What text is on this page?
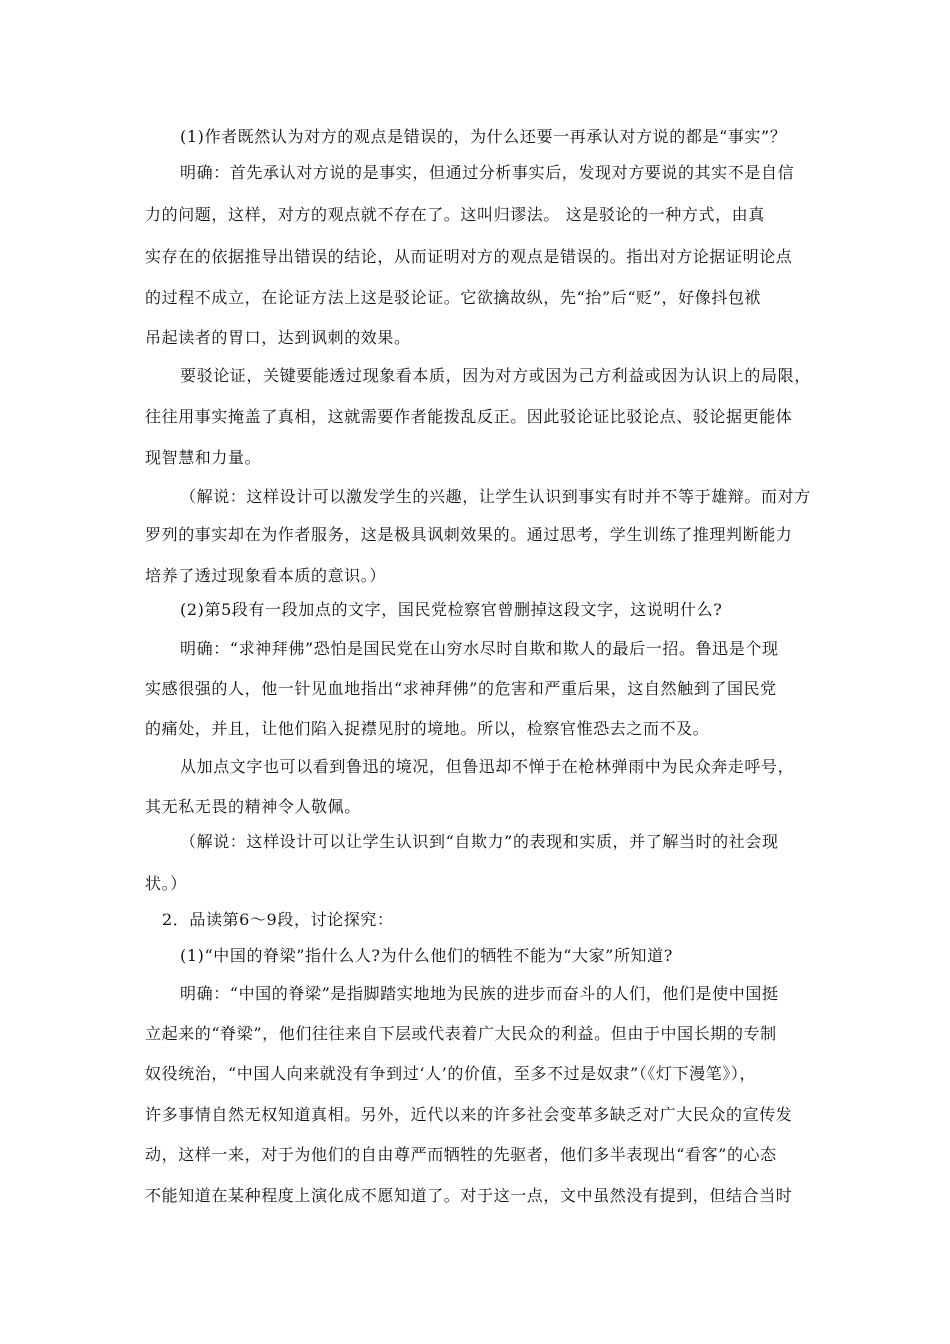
(1)作者既然认为对方的观点是错误的，为什么还要一再承认对方说的都是“事实”？
明确：首先承认对方说的是事实，但通过分析事实后，发现对方要说的其实不是自信
力的问题，这样，对方的观点就不存在了。这叫归谬法。 这是驳论的一种方式，由真
实存在的依据推导出错误的结论，从而证明对方的观点是错误的。指出对方论据证明论点
的过程不成立，在论证方法上这是驳论证。它欲擒故纵，先“抬”后“贬”，好像抖包袱
吊起读者的胃口，达到讽刺的效果。
要驳论证，关键要能透过现象看本质，因为对方或因为己方利益或因为认识上的局限，
往往用事实掩盖了真相，这就需要作者能拨乱反正。因此驳论证比驳论点、驳论据更能体
现智慧和力量。
（解说：这样设计可以激发学生的兴趣，让学生认识到事实有时并不等于雄辩。而对方
罗列的事实却在为作者服务，这是极具讽刺效果的。通过思考，学生训练了推理判断能力
培养了透过现象看本质的意识。）
(2)第5段有一段加点的文字，国民党检察官曾删掉这段文字，这说明什么?
明确：“求神拜佛”恐怕是国民党在山穷水尽时自欺和欺人的最后一招。鲁迅是个现
实感很强的人，他一针见血地指出“求神拜佛”的危害和严重后果，这自然触到了国民党
的痛处，并且，让他们陷入捉襟见肘的境地。所以，检察官惟恐去之而不及。
从加点文字也可以看到鲁迅的境况，但鲁迅却不惮于在枪林弹雨中为民众奔走呼号，
其无私无畏的精神令人敬佩。
（解说：这样设计可以让学生认识到“自欺力”的表现和实质，并了解当时的社会现
状。）
2．品读第6～9段，讨论探究：
(1)“中国的脊梁”指什么人?为什么他们的牺牲不能为“大家”所知道?
明确：“中国的脊梁”是指脚踏实地地为民族的进步而奋斗的人们，他们是使中国挺
立起来的“脊梁”，他们往往来自下层或代表着广大民众的利益。但由于中国长期的专制
奴役统治，“中国人向来就没有争到过‘人’的价值，至多不过是奴隶”（《灯下漫笔》），
许多事情自然无权知道真相。另外，近代以来的许多社会变革多缺乏对广大民众的宣传发
动，这样一来，对于为他们的自由尊严而牺牲的先驱者，他们多半表现出“看客”的心态
不能知道在某种程度上演化成不愿知道了。对于这一点，文中虽然没有提到，但结合当时
